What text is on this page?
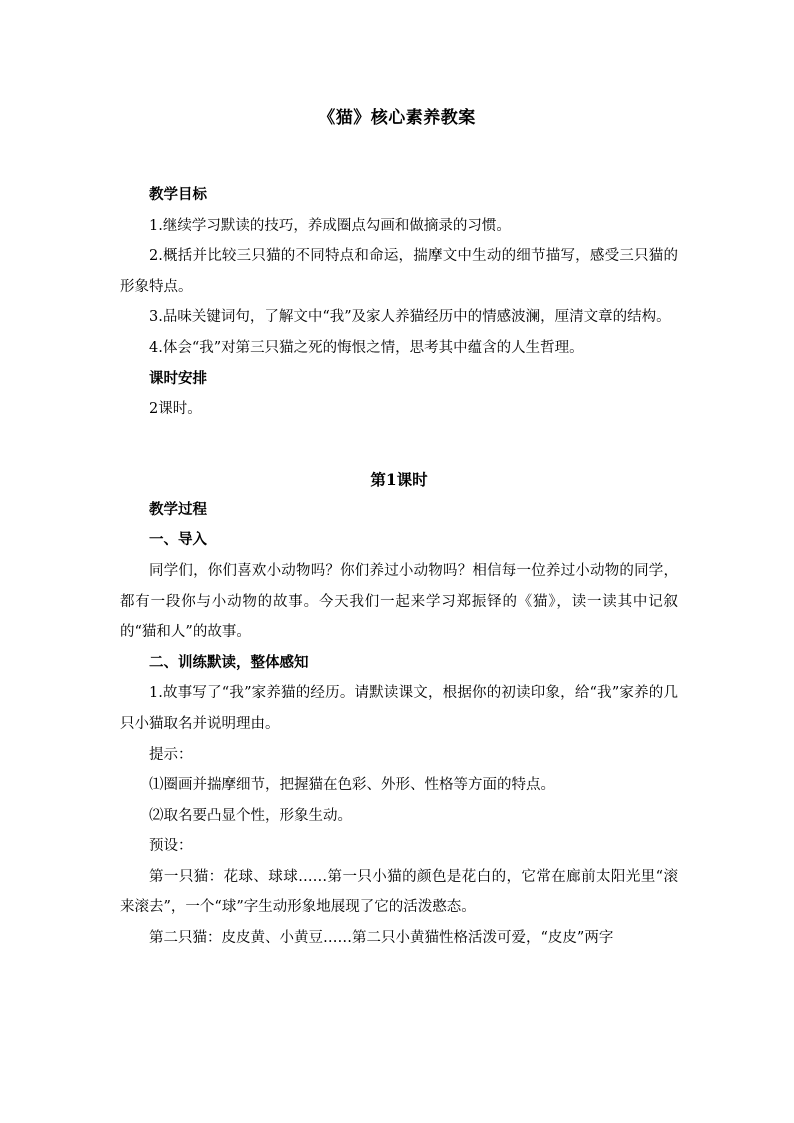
《猫》核心素养教案

教学目标

1.继续学习默读的技巧，养成圈点勾画和做摘录的习惯。

2.概括并比较三只猫的不同特点和命运，揣摩文中生动的细节描写，感受三只猫的形象特点。

3.品味关键词句，了解文中“我”及家人养猫经历中的情感波澜，厘清文章的结构。

4.体会“我”对第三只猫之死的悔恨之情，思考其中蕴含的人生哲理。

课时安排

2课时。

第1课时

教学过程

一、导入

同学们，你们喜欢小动物吗？你们养过小动物吗？相信每一位养过小动物的同学，都有一段你与小动物的故事。今天我们一起来学习郑振铎的《猫》，读一读其中记叙的“猫和人”的故事。

二、训练默读，整体感知

1.故事写了“我”家养猫的经历。请默读课文，根据你的初读印象，给“我”家养的几只小猫取名并说明理由。

提示：

⑴圈画并揣摩细节，把握猫在色彩、外形、性格等方面的特点。

⑵取名要凸显个性，形象生动。

预设：

第一只猫：花球、球球……第一只小猫的颜色是花白的，它常在廊前太阳光里“滚来滚去”，一个“球”字生动形象地展现了它的活泼憨态。

第二只猫：皮皮黄、小黄豆……第二只小黄猫性格活泼可爱，“皮皮”两字
